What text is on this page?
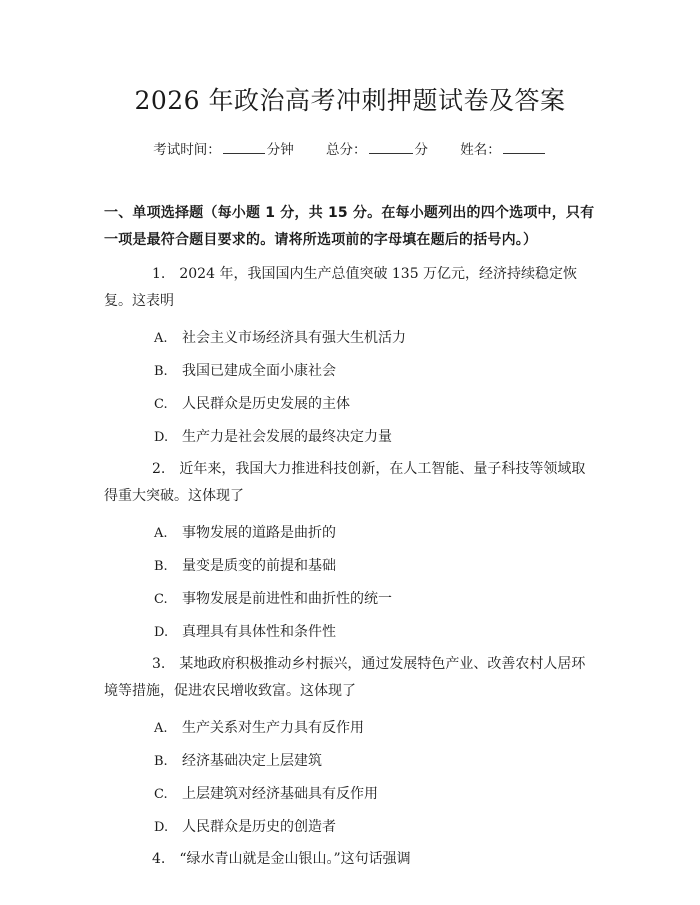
2026 年政治高考冲刺押题试卷及答案
考试时间：	分钟 总分：	分 姓名：
一、单项选择题（每小题 1 分，共 15 分。在每小题列出的四个选项中，只有一项是最符合题目要求的。请将所选项前的字母填在题后的括号内。）
1. 2024 年，我国国内生产总值突破 135 万亿元，经济持续稳定恢复。这表明
A. 社会主义市场经济具有强大生机活力
B. 我国已建成全面小康社会
C. 人民群众是历史发展的主体
D. 生产力是社会发展的最终决定力量
2. 近年来，我国大力推进科技创新，在人工智能、量子科技等领域取得重大突破。这体现了
A. 事物发展的道路是曲折的
B. 量变是质变的前提和基础
C. 事物发展是前进性和曲折性的统一
D. 真理具有具体性和条件性
3. 某地政府积极推动乡村振兴，通过发展特色产业、改善农村人居环境等措施，促进农民增收致富。这体现了
A. 生产关系对生产力具有反作用
B. 经济基础决定上层建筑
C. 上层建筑对经济基础具有反作用
D. 人民群众是历史的创造者
4. “绿水青山就是金山银山。”这句话强调
